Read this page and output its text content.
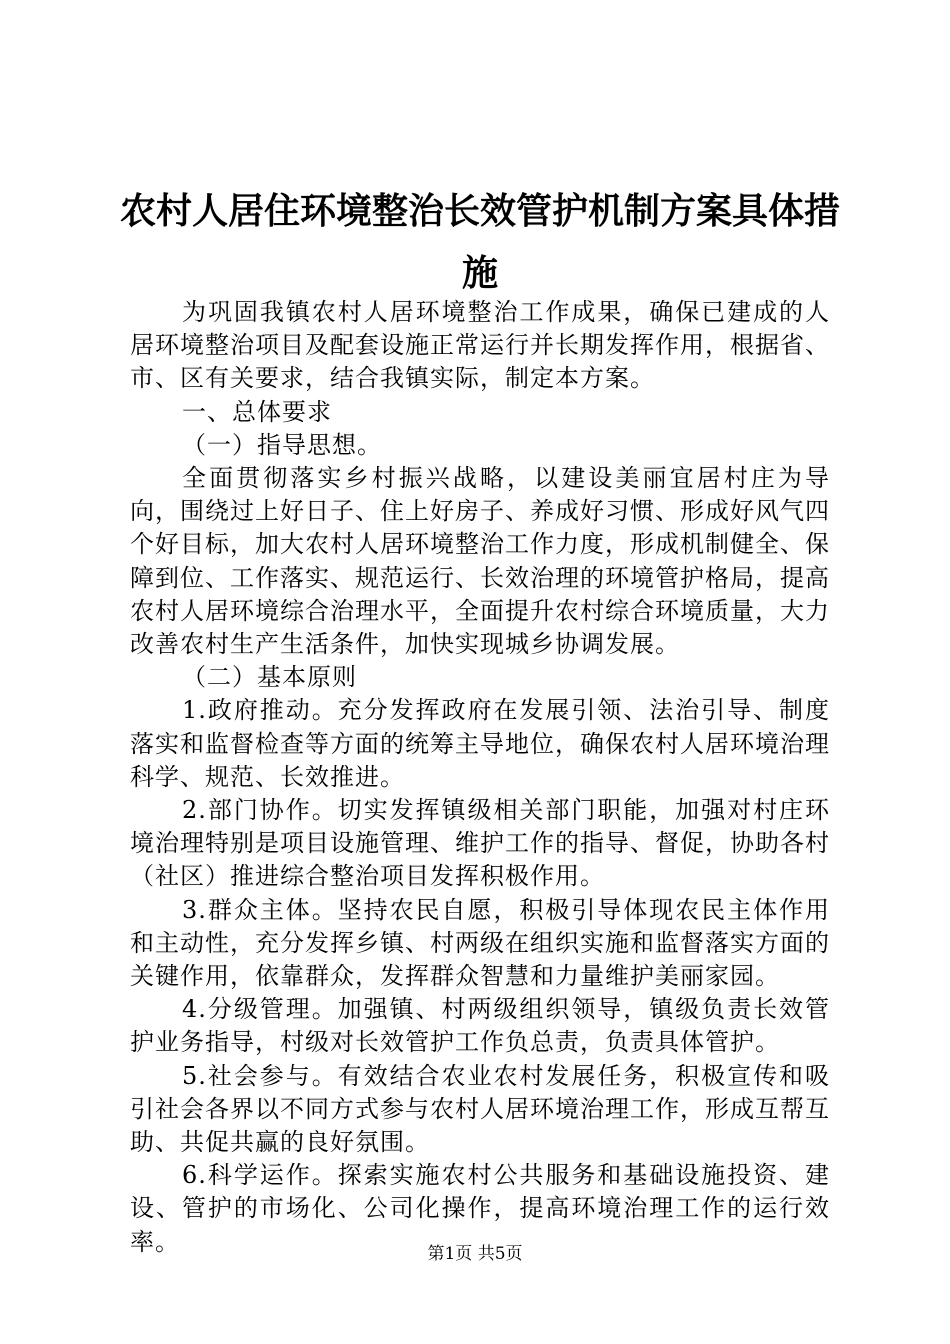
农村人居住环境整治长效管护机制方案具体措施

为巩固我镇农村人居环境整治工作成果，确保已建成的人居环境整治项目及配套设施正常运行并长期发挥作用，根据省、市、区有关要求，结合我镇实际，制定本方案。

一、总体要求

（一）指导思想。

全面贯彻落实乡村振兴战略，以建设美丽宜居村庄为导向，围绕过上好日子、住上好房子、养成好习惯、形成好风气四个好目标，加大农村人居环境整治工作力度，形成机制健全、保障到位、工作落实、规范运行、长效治理的环境管护格局，提高农村人居环境综合治理水平，全面提升农村综合环境质量，大力改善农村生产生活条件，加快实现城乡协调发展。

（二）基本原则

1.政府推动。充分发挥政府在发展引领、法治引导、制度落实和监督检查等方面的统筹主导地位，确保农村人居环境治理科学、规范、长效推进。

2.部门协作。切实发挥镇级相关部门职能，加强对村庄环境治理特别是项目设施管理、维护工作的指导、督促，协助各村（社区）推进综合整治项目发挥积极作用。

3.群众主体。坚持农民自愿，积极引导体现农民主体作用和主动性，充分发挥乡镇、村两级在组织实施和监督落实方面的关键作用，依靠群众，发挥群众智慧和力量维护美丽家园。

4.分级管理。加强镇、村两级组织领导，镇级负责长效管护业务指导，村级对长效管护工作负总责，负责具体管护。

5.社会参与。有效结合农业农村发展任务，积极宣传和吸引社会各界以不同方式参与农村人居环境治理工作，形成互帮互助、共促共赢的良好氛围。

6.科学运作。探索实施农村公共服务和基础设施投资、建设、管护的市场化、公司化操作，提高环境治理工作的运行效率。	第1页 共5页
